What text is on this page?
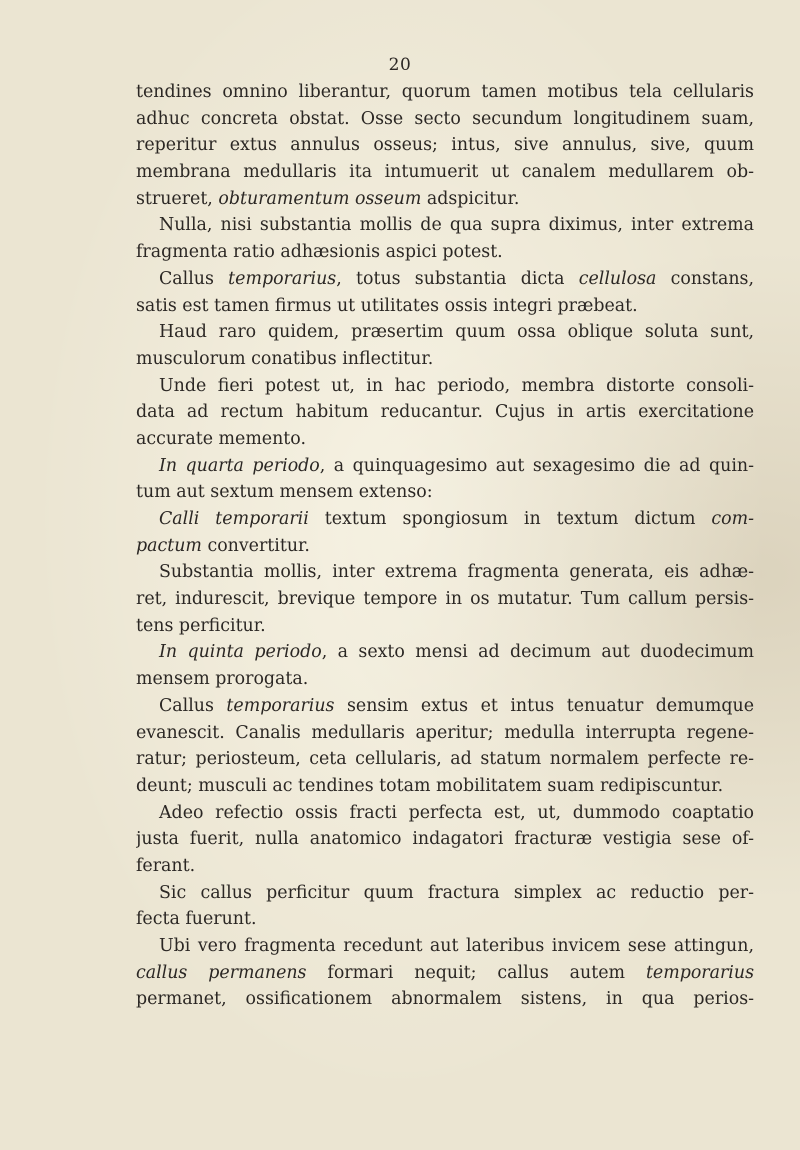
20
tendines omnino liberantur, quorum tamen motibus tela cellularis
adhuc concreta obstat. Osse secto secundum longitudinem suam,
reperitur extus annulus osseus; intus, sive annulus, sive, quum
membrana medullaris ita intumuerit ut canalem medullarem ob-
strueret, obturamentum osseum adspicitur.
Nulla, nisi substantia mollis de qua supra diximus, inter extrema
fragmenta ratio adhæsionis aspici potest.
Callus temporarius, totus substantia dicta cellulosa constans,
satis est tamen firmus ut utilitates ossis integri præbeat.
Haud raro quidem, præsertim quum ossa oblique soluta sunt,
musculorum conatibus inflectitur.
Unde fieri potest ut, in hac periodo, membra distorte consoli-
data ad rectum habitum reducantur. Cujus in artis exercitatione
accurate memento.
In quarta periodo, a quinquagesimo aut sexagesimo die ad quin-
tum aut sextum mensem extenso:
Calli temporarii textum spongiosum in textum dictum com-
pactum convertitur.
Substantia mollis, inter extrema fragmenta generata, eis adhæ-
ret, indurescit, brevique tempore in os mutatur. Tum callum persis-
tens perficitur.
In quinta periodo, a sexto mensi ad decimum aut duodecimum
mensem prorogata.
Callus temporarius sensim extus et intus tenuatur demumque
evanescit. Canalis medullaris aperitur; medulla interrupta regene-
ratur; periosteum, ceta cellularis, ad statum normalem perfecte re-
deunt; musculi ac tendines totam mobilitatem suam redipiscuntur.
Adeo refectio ossis fracti perfecta est, ut, dummodo coaptatio
justa fuerit, nulla anatomico indagatori fracturæ vestigia sese of-
ferant.
Sic callus perficitur quum fractura simplex ac reductio per-
fecta fuerunt.
Ubi vero fragmenta recedunt aut lateribus invicem sese attingun,
callus permanens formari nequit; callus autem temporarius
permanet, ossificationem abnormalem sistens, in qua perios-
